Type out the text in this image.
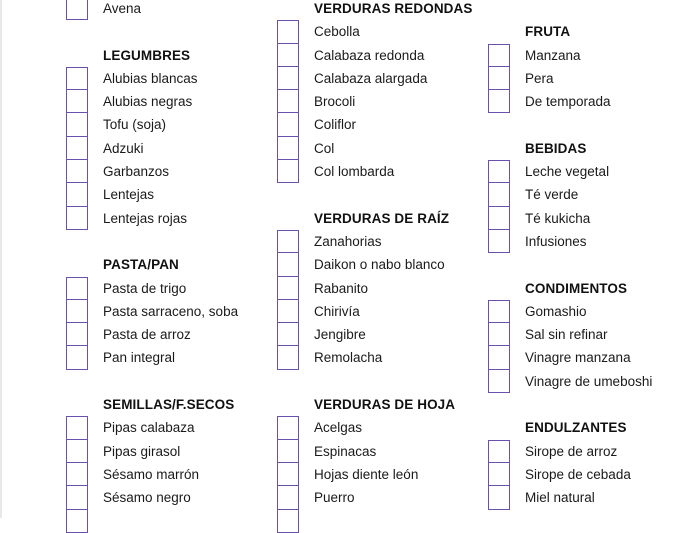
Avena
LEGUMBRES
Alubias blancas
Alubias negras
Tofu (soja)
Adzuki
Garbanzos
Lentejas
Lentejas rojas
PASTA/PAN
Pasta de trigo
Pasta sarraceno, soba
Pasta de arroz
Pan integral
SEMILLAS/F.SECOS
Pipas calabaza
Pipas girasol
Sésamo marrón
Sésamo negro
VERDURAS REDONDAS
Cebolla
Calabaza redonda
Calabaza alargada
Brocoli
Coliflor
Col
Col lombarda
VERDURAS DE RAÍZ
Zanahorias
Daikon o nabo blanco
Rabanito
Chirivía
Jengibre
Remolacha
VERDURAS DE HOJA
Acelgas
Espinacas
Hojas diente león
Puerro
FRUTA
Manzana
Pera
De temporada
BEBIDAS
Leche vegetal
Té verde
Té kukicha
Infusiones
CONDIMENTOS
Gomashio
Sal sin refinar
Vinagre manzana
Vinagre de umeboshi
ENDULZANTES
Sirope de arroz
Sirope de cebada
Miel natural
